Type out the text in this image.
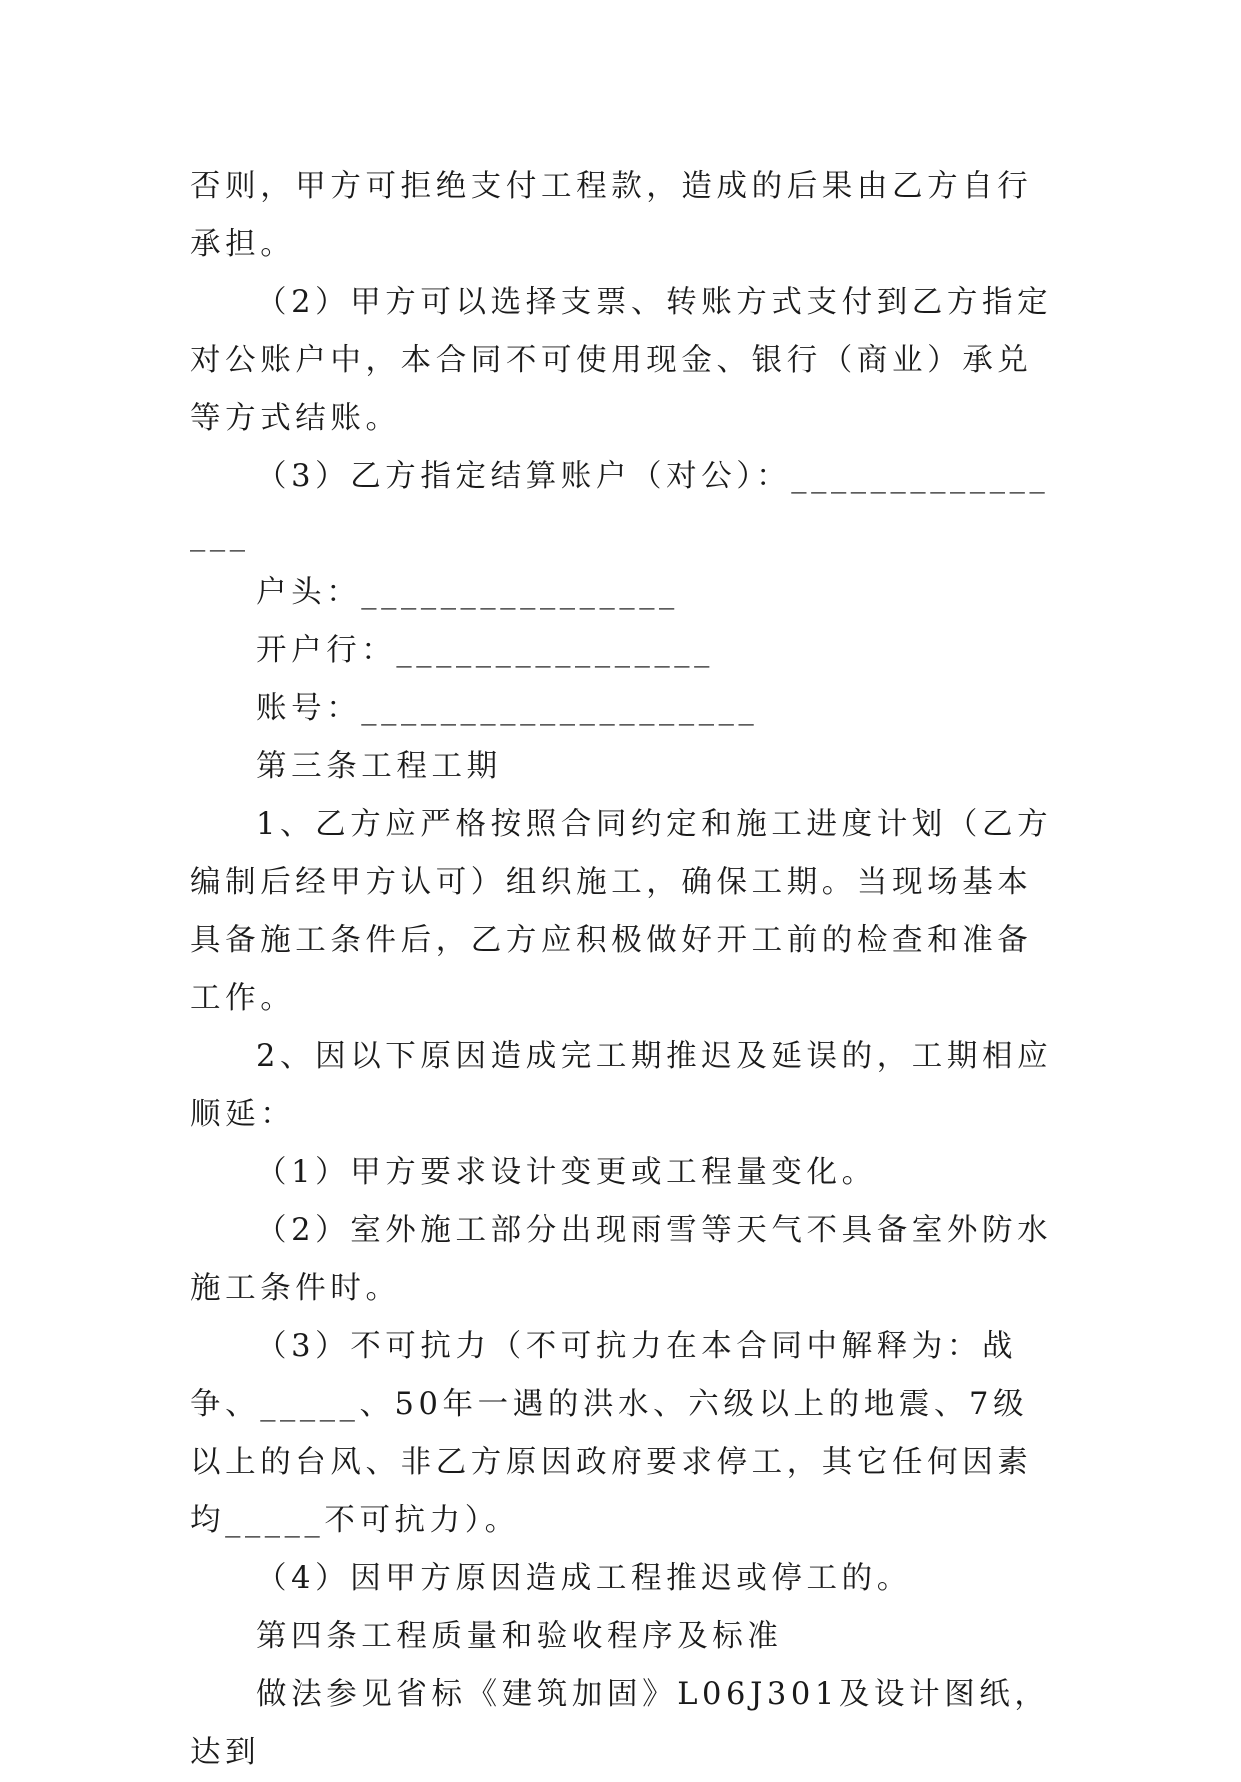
否则，甲方可拒绝支付工程款，造成的后果由乙方自行承担。

（2）甲方可以选择支票、转账方式支付到乙方指定对公账户中，本合同不可使用现金、银行（商业）承兑等方式结账。

（3）乙方指定结算账户（对公）：________________

户头：________________

开户行：________________

账号：____________________

第三条工程工期

1、乙方应严格按照合同约定和施工进度计划（乙方编制后经甲方认可）组织施工，确保工期。当现场基本具备施工条件后，乙方应积极做好开工前的检查和准备工作。

2、因以下原因造成完工期推迟及延误的，工期相应顺延：

（1）甲方要求设计变更或工程量变化。

（2）室外施工部分出现雨雪等天气不具备室外防水施工条件时。

（3）不可抗力（不可抗力在本合同中解释为：战争、_____、50年一遇的洪水、六级以上的地震、7级以上的台风、非乙方原因政府要求停工，其它任何因素均_____不可抗力）。

（4）因甲方原因造成工程推迟或停工的。

第四条工程质量和验收程序及标准

做法参见省标《建筑加固》L06J301及设计图纸，达到
